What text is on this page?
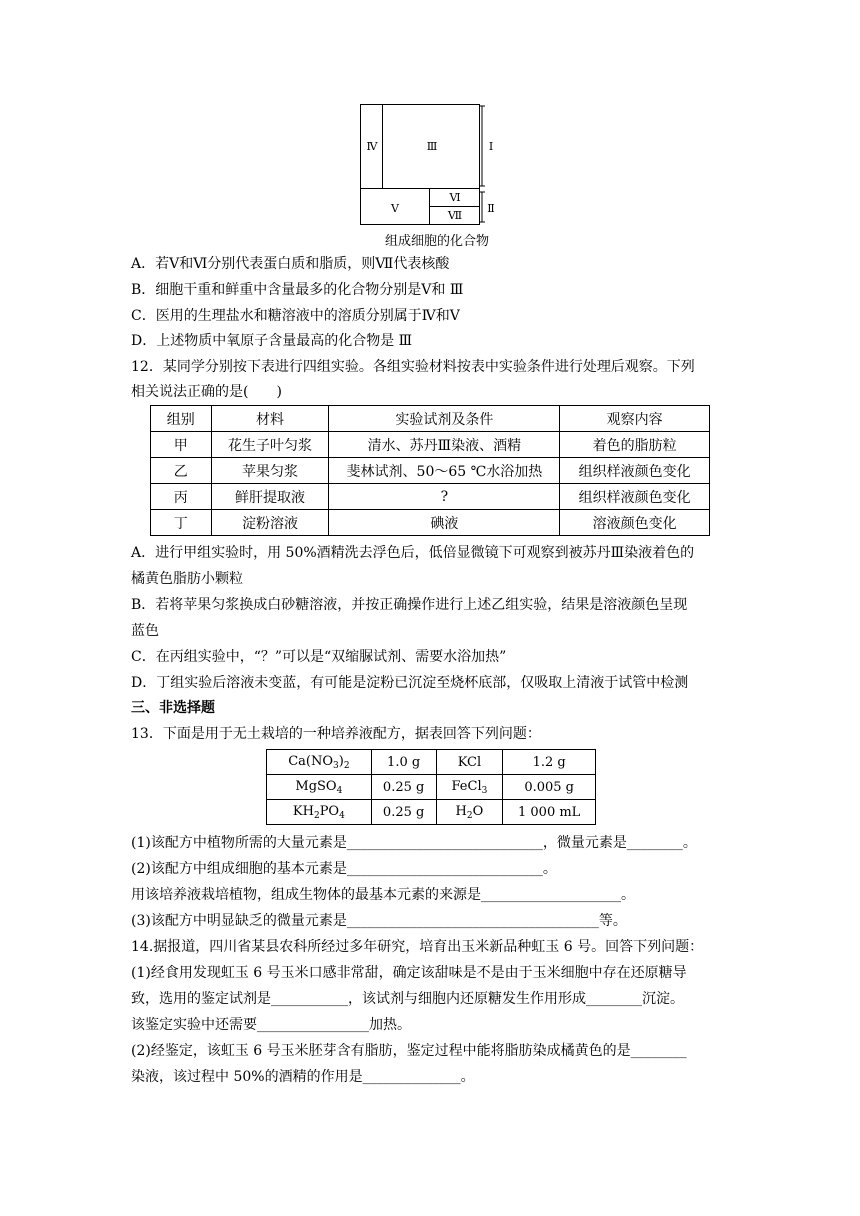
Ⅳ	Ⅲ
Ⅴ
Ⅵ
Ⅶ
Ⅰ
Ⅱ
组成细胞的化合物
A．若Ⅴ和Ⅵ分别代表蛋白质和脂质，则Ⅶ代表核酸
B．细胞干重和鲜重中含量最多的化合物分别是Ⅴ和 Ⅲ
C．医用的生理盐水和糖溶液中的溶质分别属于Ⅳ和Ⅴ
D．上述物质中氧原子含量最高的化合物是 Ⅲ
12．某同学分别按下表进行四组实验。各组实验材料按表中实验条件进行处理后观察。下列
相关说法正确的是(　　)
组别	材料	实验试剂及条件	观察内容
甲	花生子叶匀浆	清水、苏丹Ⅲ染液、酒精	着色的脂肪粒
乙	苹果匀浆	斐林试剂、50～65 ℃水浴加热	组织样液颜色变化
丙	鲜肝提取液	?	组织样液颜色变化
丁	淀粉溶液	碘液	溶液颜色变化
A．进行甲组实验时，用 50%酒精洗去浮色后，低倍显微镜下可观察到被苏丹Ⅲ染液着色的
橘黄色脂肪小颗粒
B．若将苹果匀浆换成白砂糖溶液，并按正确操作进行上述乙组实验，结果是溶液颜色呈现
蓝色
C．在丙组实验中，“？”可以是“双缩脲试剂、需要水浴加热”
D．丁组实验后溶液未变蓝，有可能是淀粉已沉淀至烧杯底部，仅吸取上清液于试管中检测
三、非选择题
13．下面是用于无土栽培的一种培养液配方，据表回答下列问题：
$Ca(NO_3)_2$	1.0 g	KCl	1.2 g
MgSO$_4$	0.25 g	FeCl$_3$	0.005 g
$KH_2PO_4$	0.25 g	$H_2O$	1 000 mL
(1)该配方中植物所需的大量元素是____________________________，微量元素是________。
(2)该配方中组成细胞的基本元素是____________________________。
用该培养液栽培植物，组成生物体的最基本元素的来源是____________________。
(3)该配方中明显缺乏的微量元素是____________________________________等。
14.据报道，四川省某县农科所经过多年研究，培育出玉米新品种虹玉 6 号。回答下列问题：
(1)经食用发现虹玉 6 号玉米口感非常甜，确定该甜味是不是由于玉米细胞中存在还原糖导
致，选用的鉴定试剂是___________，该试剂与细胞内还原糖发生作用形成________沉淀。
该鉴定实验中还需要________________加热。
(2)经鉴定，该虹玉 6 号玉米胚芽含有脂肪，鉴定过程中能将脂肪染成橘黄色的是________
染液，该过程中 50%的酒精的作用是______________。
